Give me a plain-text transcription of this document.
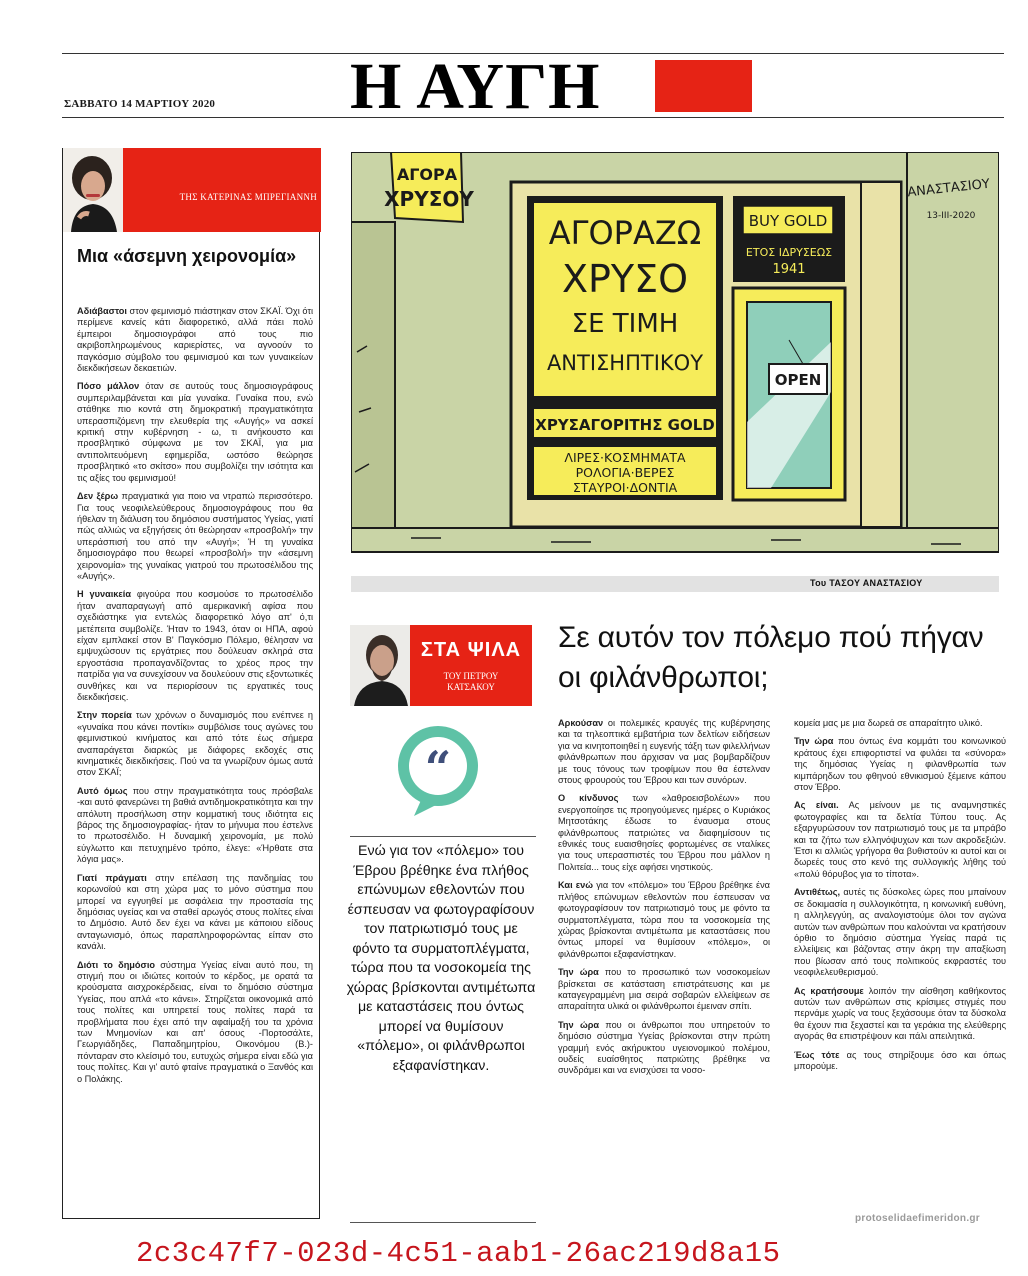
Η ΑΥΓΗ
ΣΑΒΒΑΤΟ 14 ΜΑΡΤΙΟΥ 2020
ΤΗΣ ΚΑΤΕΡΙΝΑΣ ΜΠΡΕΓΙΑΝΝΗ
Μια «άσεμνη χειρονομία»
Αδιάβαστοι στον φεμινισμό πιάστηκαν στον ΣΚΑΪ. Όχι ότι περίμενε κανείς κάτι διαφορετικό, αλλά πάει πολύ έμπειροι δημοσιογράφοι από τους πιο ακριβοπληρωμένους καριερίστες, να αγνοούν το παγκόσμιο σύμβολο του φεμινισμού και των γυναικείων διεκδικήσεων δεκαετιών.
Πόσο μάλλον όταν σε αυτούς τους δημοσιογράφους συμπεριλαμβάνεται και μία γυναίκα. Γυναίκα που, ενώ στάθηκε πιο κοντά στη δημοκρατική πραγματικότητα υπερασπιζόμενη την ελευθερία της «Αυγής» να ασκεί κριτική στην κυβέρνηση - ω, τι ανήκουστο και προσβλητικό σύμφωνα με τον ΣΚΑΪ, για μια αντιπολιτευόμενη εφημερίδα, ωστόσο θεώρησε προσβλητικό «το σκίτσο» που συμβολίζει την ισότητα και τις αξίες του φεμινισμού!
Δεν ξέρω πραγματικά για ποιο να ντραπώ περισσότερο. Για τους νεοφιλελεύθερους δημοσιογράφους που θα ήθελαν τη διάλυση του δημόσιου συστήματος Υγείας, γιατί πώς αλλιώς να εξηγήσεις ότι θεώρησαν «προσβολή» την υπεράσπισή του από την «Αυγή»; Ή τη γυναίκα δημοσιογράφο που θεωρεί «προσβολή» την «άσεμνη χειρονομία» της γυναίκας γιατρού του πρωτοσέλιδου της «Αυγής».
Η γυναικεία φιγούρα που κοσμούσε το πρωτοσέλιδο ήταν αναπαραγωγή από αμερικανική αφίσα που σχεδιάστηκε για εντελώς διαφορετικό λόγο απ' ό,τι μετέπειτα συμβολίζε. Ήταν το 1943, όταν οι ΗΠΑ, αφού είχαν εμπλακεί στον Β' Παγκόσμιο Πόλεμο, θέλησαν να εμψυχώσουν τις εργάτριες που δούλευαν σκληρά στα εργοστάσια προπαγανδίζοντας το χρέος προς την πατρίδα για να συνεχίσουν να δουλεύουν στις εξοντωτικές συνθήκες και να περιορίσουν τις εργατικές τους διεκδικήσεις.
Στην πορεία των χρόνων ο δυναμισμός που ενέπνεε η «γυναίκα που κάνει ποντίκι» συμβόλισε τους αγώνες του φεμινιστικού κινήματος και από τότε έως σήμερα αναπαράγεται διαρκώς με διάφορες εκδοχές στις κινηματικές διεκδικήσεις. Πού να τα γνωρίζουν όμως αυτά στον ΣΚΑΪ;
Αυτό όμως που στην πραγματικότητα τους πρόσβαλε -και αυτό φανερώνει τη βαθιά αντιδημοκρατικότητα και την απόλυτη προσήλωση στην κομματική τους ιδιότητα εις βάρος της δημοσιογραφίας- ήταν το μήνυμα που έστελνε το πρωτοσέλιδο. Η δυναμική χειρονομία, με πολύ εύγλωττο και πετυχημένο τρόπο, έλεγε: «Ήρθατε στα λόγια μας».
Γιατί πράγματι στην επέλαση της πανδημίας του κορωνοϊού και στη χώρα μας το μόνο σύστημα που μπορεί να εγγυηθεί με ασφάλεια την προστασία της δημόσιας υγείας και να σταθεί αρωγός στους πολίτες είναι το Δημόσιο. Αυτό δεν έχει να κάνει με κάποιου είδους ανταγωνισμό, όπως παραπληροφορώντας είπαν στο κανάλι.
Διότι το δημόσιο σύστημα Υγείας είναι αυτό που, τη στιγμή που οι ιδιώτες κοιτούν το κέρδος, με ορατά τα κρούσματα αισχροκέρδειας, είναι το δημόσιο σύστημα Υγείας, που απλά «το κάνει». Στηρίζεται οικονομικά από τους πολίτες και υπηρετεί τους πολίτες παρά τα προβλήματα που έχει από την αφαίμαξή του τα χρόνια των Μνημονίων και απ' όσους -Πορτοσάλτε, Γεωργιάδηδες, Παπαδημητρίου, Οικονόμου (Β.)- πόνταραν στο κλείσιμό του, ευτυχώς σήμερα είναι εδώ για τους πολίτες. Και γι' αυτό φταίνε πραγματικά ο Ξανθός και ο Πολάκης.
ΑΓΟΡΑ
ΧΡΥΣΟΥ
ΑΓΟΡΑΖΩ
ΧΡΥΣΟ
ΣΕ ΤΙΜΗ
ΑΝΤΙΣΗΠΤΙΚΟΥ
ΧΡΥΣΑΓΟΡΙΤΗΣ GOLD
ΛΙΡΕΣ·ΚΟΣΜΗΜΑΤΑ
ΡΟΛΟΓΙΑ·ΒΕΡΕΣ
ΣΤΑΥΡΟΙ·ΔΟΝΤΙΑ
BUY GOLD
ΕΤΟΣ ΙΔΡΥΣΕΩΣ
1941
OPEN
ΑΝΑΣΤΑΣΙΟΥ
13-III-2020
Του ΤΑΣΟΥ ΑΝΑΣΤΑΣΙΟΥ
ΣΤΑ ΨΙΛΑ
ΤΟΥ ΠΕΤΡΟΥ
ΚΑΤΣΑΚΟΥ
“
Ενώ για τον «πόλεμο» του Έβρου βρέθηκε ένα πλήθος επώνυμων εθελοντών που έσπευσαν να φωτογραφίσουν τον πατριωτισμό τους με φόντο τα συρματοπλέγματα, τώρα που τα νοσοκομεία της χώρας βρίσκονται αντιμέτωπα με καταστάσεις που όντως μπορεί να θυμίσουν «πόλεμο», οι φιλάνθρωποι εξαφανίστηκαν.
Σε αυτόν τον πόλεμο πού πήγαν οι φιλάνθρωποι;
Αρκούσαν οι πολεμικές κραυγές της κυβέρνησης και τα τηλεοπτικά εμβατήρια των δελτίων ειδήσεων για να κινητοποιηθεί η ευγενής τάξη των φιλελλήνων φιλάνθρωπων που άρχισαν να μας βομβαρδίζουν με τους τόνους των τροφίμων που θα έστελναν στους φρουρούς του Έβρου και των συνόρων.
Ο κίνδυνος των «λαθροεισβολέων» που ενεργοποίησε τις προηγούμενες ημέρες ο Κυριάκος Μητσοτάκης έδωσε το έναυσμα στους φιλάνθρωπους πατριώτες να διαφημίσουν τις εθνικές τους ευαισθησίες φορτωμένες σε νταλίκες για τους υπερασπιστές του Έβρου που μάλλον η Πολιτεία... τους είχε αφήσει νηστικούς.
Και ενώ για τον «πόλεμο» του Έβρου βρέθηκε ένα πλήθος επώνυμων εθελοντών που έσπευσαν να φωτογραφίσουν τον πατριωτισμό τους με φόντο τα συρματοπλέγματα, τώρα που τα νοσοκομεία της χώρας βρίσκονται αντιμέτωπα με καταστάσεις που όντως μπορεί να θυμίσουν «πόλεμο», οι φιλάνθρωποι εξαφανίστηκαν.
Την ώρα που το προσωπικό των νοσοκομείων βρίσκεται σε κατάσταση επιστράτευσης και με καταγεγραμμένη μια σειρά σοβαρών ελλείψεων σε απαραίτητα υλικά οι φιλάνθρωποι έμειναν σπίτι.
Την ώρα που οι άνθρωποι που υπηρετούν το δημόσιο σύστημα Υγείας βρίσκονται στην πρώτη γραμμή ενός ακήρυκτου υγειονομικού πολέμου, ουδείς ευαίσθητος πατριώτης βρέθηκε να συνδράμει και να ενισχύσει τα νοσο-
κομεία μας με μια δωρεά σε απαραίτητο υλικό.
Την ώρα που όντως ένα κομμάτι του κοινωνικού κράτους έχει επιφορτιστεί να φυλάει τα «σύνορα» της δημόσιας Υγείας η φιλανθρωπία των κιμπάρηδων του φθηνού εθνικισμού ξέμεινε κάπου στον Έβρο.
Ας είναι. Ας μείνουν με τις αναμνηστικές φωτογραφίες και τα δελτία Τύπου τους. Ας εξαργυρώσουν τον πατριωτισμό τους με τα μπράβο και τα ζήτω των ελληνόψυχων και των ακροδεξιών. Έτσι κι αλλιώς γρήγορα θα βυθιστούν κι αυτοί και οι δωρεές τους στο κενό της συλλογικής λήθης τού «πολύ θόρυβος για το τίποτα».
Αντιθέτως, αυτές τις δύσκολες ώρες που μπαίνουν σε δοκιμασία η συλλογικότητα, η κοινωνική ευθύνη, η αλληλεγγύη, ας αναλογιστούμε όλοι τον αγώνα αυτών των ανθρώπων που καλούνται να κρατήσουν όρθιο το δημόσιο σύστημα Υγείας παρά τις ελλείψεις και βάζοντας στην άκρη την απαξίωση που βίωσαν από τους πολιτικούς εκφραστές του νεοφιλελευθερισμού.
Ας κρατήσουμε λοιπόν την αίσθηση καθήκοντος αυτών των ανθρώπων στις κρίσιμες στιγμές που περνάμε χωρίς να τους ξεχάσουμε όταν τα δύσκολα θα έχουν πια ξεχαστεί και τα γεράκια της ελεύθερης αγοράς θα επιστρέψουν και πάλι απειλητικά.
Έως τότε ας τους στηρίξουμε όσο και όπως μπορούμε.
protoselidaefimeridon.gr
2c3c47f7-023d-4c51-aab1-26ac219d8a15
